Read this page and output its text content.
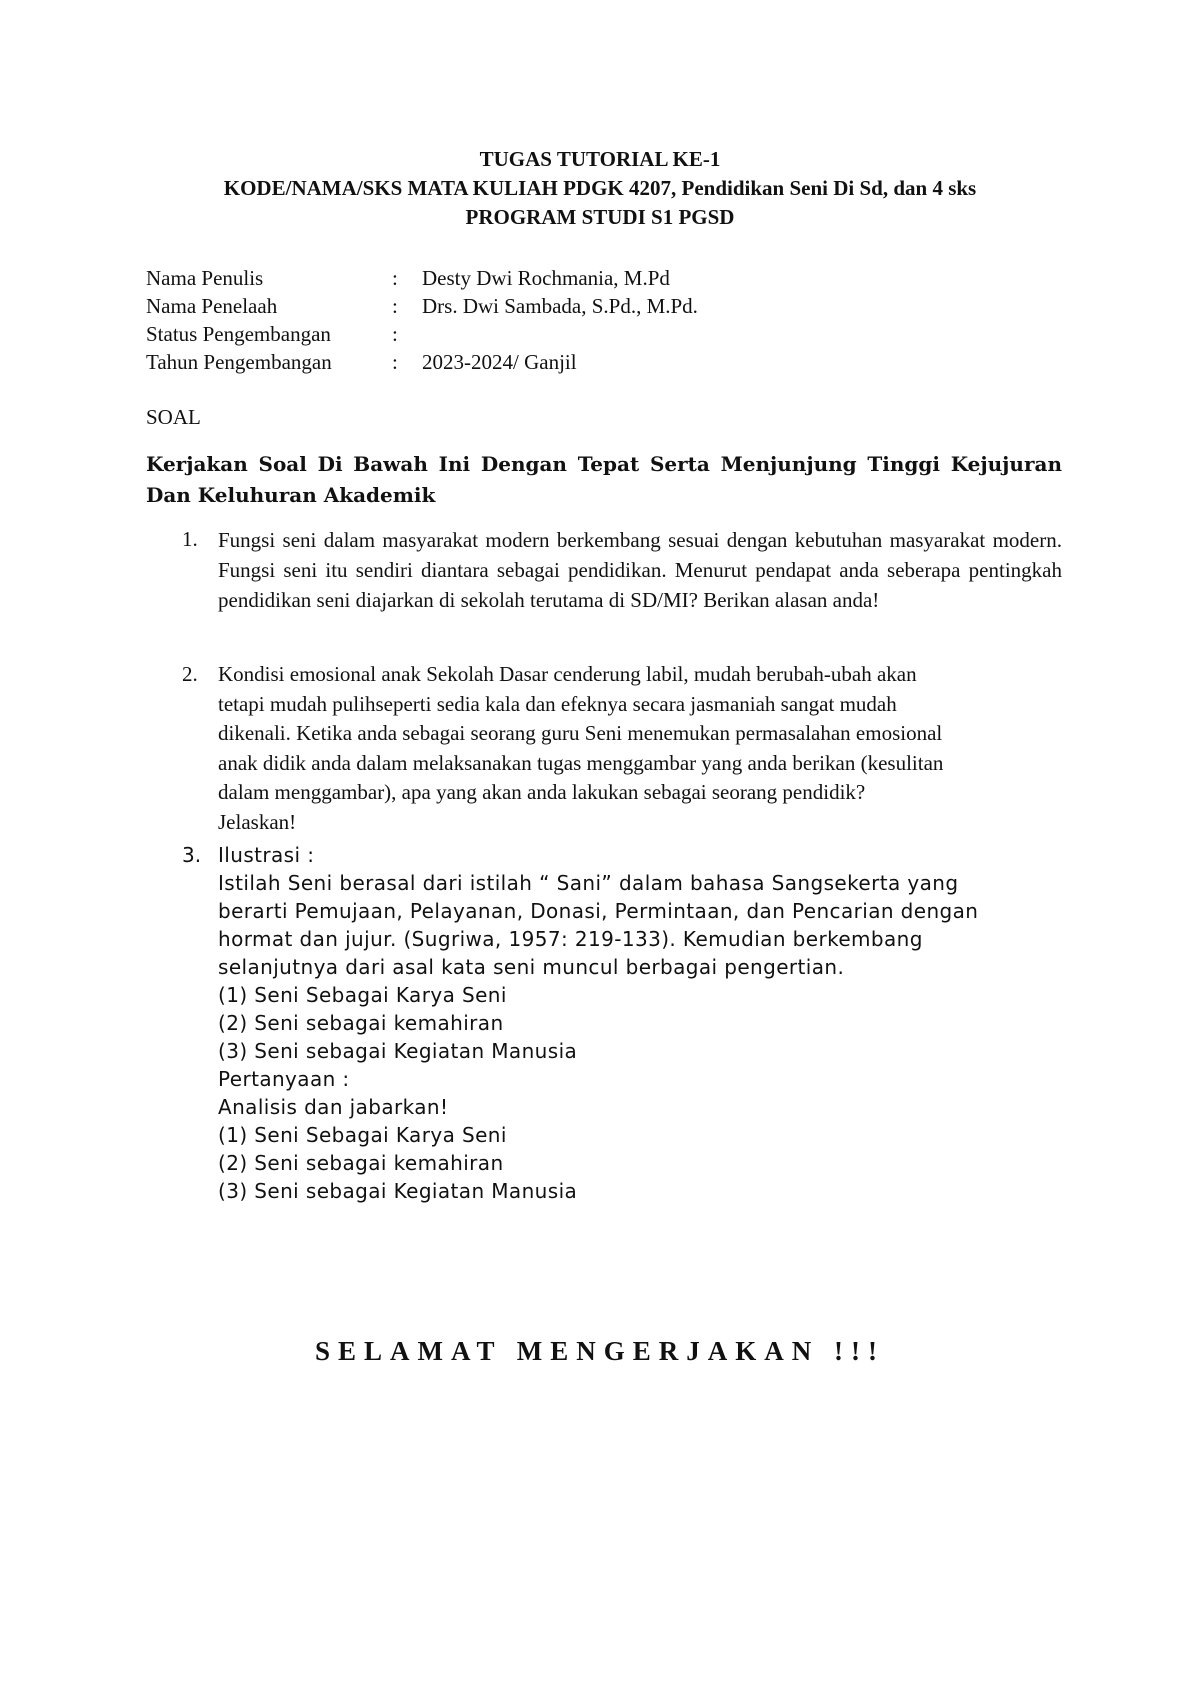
TUGAS TUTORIAL KE-1
KODE/NAMA/SKS MATA KULIAH PDGK 4207, Pendidikan Seni Di Sd, dan 4 sks
PROGRAM STUDI S1 PGSD
Nama Penulis	:	Desty Dwi Rochmania, M.Pd
Nama Penelaah	:	Drs. Dwi Sambada, S.Pd., M.Pd.
Status Pengembangan	:
Tahun Pengembangan	:	2023-2024/ Ganjil
SOAL
Kerjakan Soal Di Bawah Ini Dengan Tepat Serta Menjunjung Tinggi Kejujuran Dan Keluhuran Akademik
1. Fungsi seni dalam masyarakat modern berkembang sesuai dengan kebutuhan masyarakat modern. Fungsi seni itu sendiri diantara sebagai pendidikan. Menurut pendapat anda seberapa pentingkah pendidikan seni diajarkan di sekolah terutama di SD/MI? Berikan alasan anda!
2. Kondisi emosional anak Sekolah Dasar cenderung labil, mudah berubah-ubah akan
tetapi mudah pulihseperti sedia kala dan efeknya secara jasmaniah sangat mudah
dikenali. Ketika anda sebagai seorang guru Seni menemukan permasalahan emosional
anak didik anda dalam melaksanakan tugas menggambar yang anda berikan (kesulitan
dalam menggambar), apa yang akan anda lakukan sebagai seorang pendidik?
Jelaskan!
3. Ilustrasi :
Istilah Seni berasal dari istilah “ Sani” dalam bahasa Sangsekerta yang
berarti Pemujaan, Pelayanan, Donasi, Permintaan, dan Pencarian dengan
hormat dan jujur. (Sugriwa, 1957: 219-133). Kemudian berkembang
selanjutnya dari asal kata seni muncul berbagai pengertian.
(1) Seni Sebagai Karya Seni
(2) Seni sebagai kemahiran
(3) Seni sebagai Kegiatan Manusia
Pertanyaan :
Analisis dan jabarkan!
(1) Seni Sebagai Karya Seni
(2) Seni sebagai kemahiran
(3) Seni sebagai Kegiatan Manusia
SELAMAT MENGERJAKAN !!!
